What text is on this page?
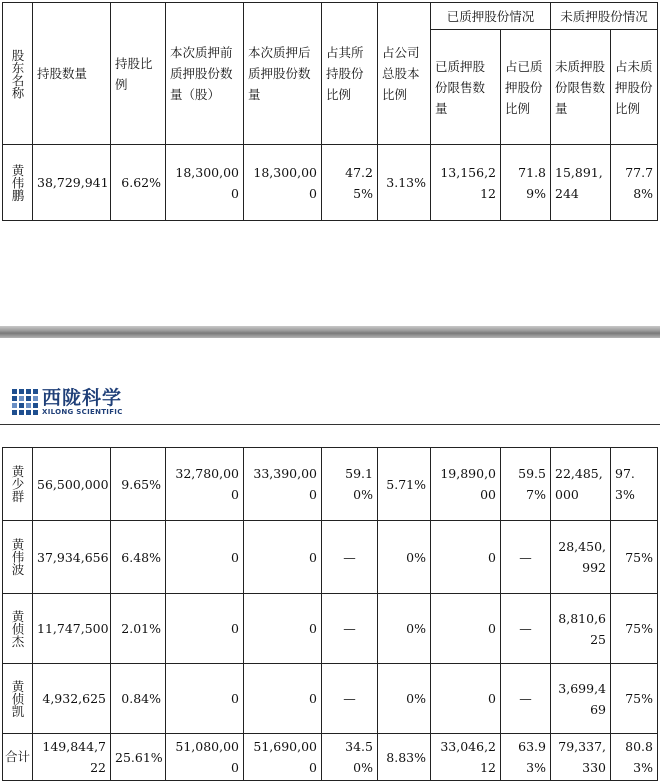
股东名称	持股数量	持股比例	本次质押前质押股份数量（股）	本次质押后质押股份数量	占其所持股份比例	占公司总股本比例	已质押股份情况		未质押股份情况	
							已质押股份限售数量	占已质押股份比例	未质押股份限售数量	占未质押股份比例
黄伟鹏	38,729,941	6.62%	18,300,000	18,300,000	47.25%	3.13%	13,156,212	71.89%	15,891,244	77.78%
西陇科学
XILONG SCIENTIFIC
黄少群	56,500,000	9.65%	32,780,000	33,390,000	59.10%	5.71%	19,890,000	59.57%	22,485,000	97.3%
黄伟波	37,934,656	6.48%	0	0	—	0%	0	—	28,450,992	75%
黄侦杰	11,747,500	2.01%	0	0	—	0%	0	—	8,810,625	75%
黄侦凯	4,932,625	0.84%	0	0	—	0%	0	—	3,699,469	75%
合计	149,844,722	25.61%	51,080,000	51,690,000	34.50%	8.83%	33,046,212	63.93%	79,337,330	80.83%
